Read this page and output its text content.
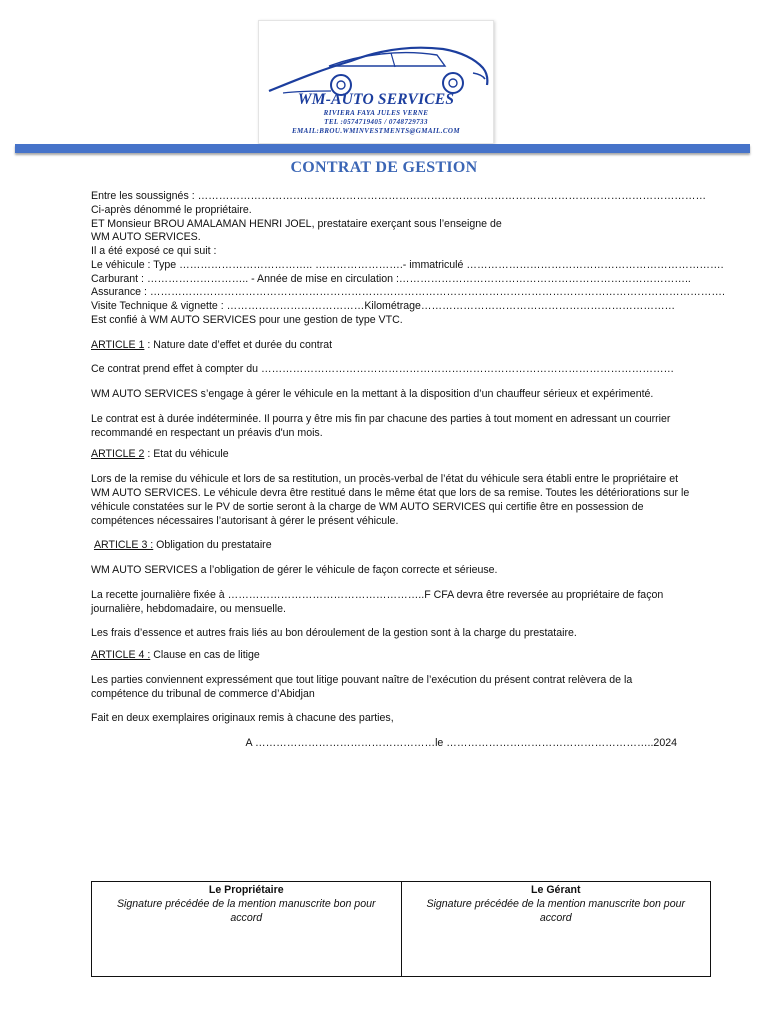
WM-AUTO SERVICES
RIVIERA FAYA JULES VERNE
TEL :0574719405 / 0748729733
EMAIL:BROU.WMINVESTMENTS@GMAIL.COM
CONTRAT DE GESTION

Entre les soussignés : ………………………………………………………………………………………………………………………………

Ci-après dénommé le propriétaire.

ET Monsieur BROU AMALAMAN HENRI JOEL, prestataire exerçant sous l’enseigne de

WM AUTO SERVICES.

Il a été exposé ce qui suit :

Le véhicule : Type ……………………………….. …………………….- immatriculé ……………………………………………………………….

Carburant : ……………………….. - Année de mise en circulation :………………………………………………………………………..

Assurance : ……………………………………………………………………………………………………………………………………………….

Visite Technique & vignette : …………………………………Kilométrage………………………………………………………………

Est confié à WM AUTO SERVICES pour une gestion de type VTC.

ARTICLE 1 : Nature date d’effet et durée du contrat

Ce contrat prend effet à compter du ………………………………………………………………………………………………………

WM AUTO SERVICES s’engage à gérer le véhicule en la mettant à la disposition d’un chauffeur sérieux et expérimenté.

Le contrat est à durée indéterminée. Il pourra y être mis fin par chacune des parties à tout moment en adressant un courrier recommandé en respectant un préavis d'un mois.

ARTICLE 2 : Etat du véhicule

Lors de la remise du véhicule et lors de sa restitution, un procès-verbal de l’état du véhicule sera établi entre le propriétaire et WM AUTO SERVICES. Le véhicule devra être restitué dans le même état que lors de sa remise. Toutes les détériorations sur le véhicule constatées sur le PV de sortie seront à la charge de WM AUTO SERVICES qui certifie être en possession de compétences nécessaires l’autorisant à gérer le présent véhicule.

ARTICLE 3 : Obligation du prestataire

WM AUTO SERVICES a l’obligation de gérer le véhicule de façon correcte et sérieuse.

La recette journalière fixée à ………………………………………………..F CFA devra être reversée au propriétaire de façon journalière, hebdomadaire, ou mensuelle.

Les frais d’essence et autres frais liés au bon déroulement de la gestion sont à la charge du prestataire.

ARTICLE 4 : Clause en cas de litige

Les parties conviennent expressément que tout litige pouvant naître de l’exécution du présent contrat relèvera de la compétence du tribunal de commerce d’Abidjan

Fait en deux exemplaires originaux remis à chacune des parties,

A ……………………………………………le …………………………………………………..2024

Le Propriétaire
Signature précédée de la mention manuscrite bon pour accord
Le Gérant
Signature précédée de la mention manuscrite bon pour accord
